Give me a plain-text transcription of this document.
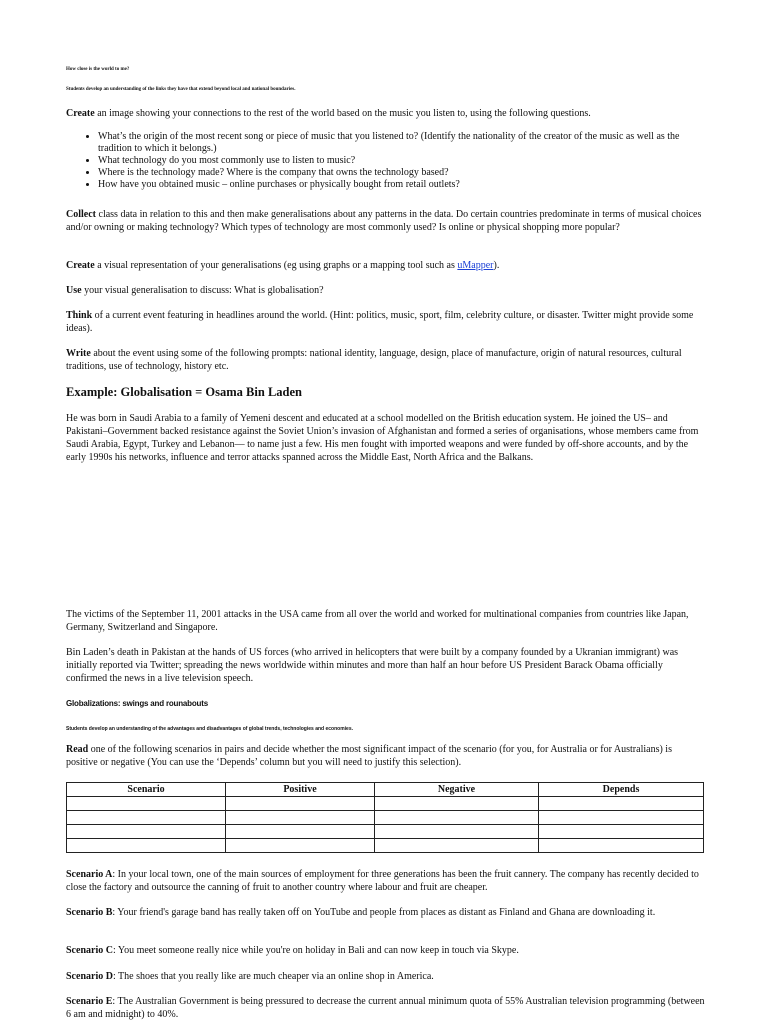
How close is the world to me?
Students develop an understanding of the links they have that extend beyond local and national boundaries.
Create an image showing your connections to the rest of the world based on the music you listen to, using the following questions.
• What’s the origin of the most recent song or piece of music that you listened to? (Identify the nationality of the creator of the music as well as the tradition to which it belongs.)
• What technology do you most commonly use to listen to music?
• Where is the technology made? Where is the company that owns the technology based?
• How have you obtained music – online purchases or physically bought from retail outlets?
Collect class data in relation to this and then make generalisations about any patterns in the data. Do certain countries predominate in terms of musical choices and/or owning or making technology? Which types of technology are most commonly used? Is online or physical shopping more popular?
Create a visual representation of your generalisations (eg using graphs or a mapping tool such as uMapper).
Use your visual generalisation to discuss: What is globalisation?
Think of a current event featuring in headlines around the world. (Hint: politics, music, sport, film, celebrity culture, or disaster. Twitter might provide some ideas).
Write about the event using some of the following prompts: national identity, language, design, place of manufacture, origin of natural resources, cultural traditions, use of technology, history etc.
Example: Globalisation = Osama Bin Laden
He was born in Saudi Arabia to a family of Yemeni descent and educated at a school modelled on the British education system. He joined the US– and Pakistani–Government backed resistance against the Soviet Union’s invasion of Afghanistan and formed a series of organisations, whose members came from Saudi Arabia, Egypt, Turkey and Lebanon— to name just a few. His men fought with imported weapons and were funded by off-shore accounts, and by the early 1990s his networks, influence and terror attacks spanned across the Middle East, North Africa and the Balkans.
The victims of the September 11, 2001 attacks in the USA came from all over the world and worked for multinational companies from countries like Japan, Germany, Switzerland and Singapore.
Bin Laden’s death in Pakistan at the hands of US forces (who arrived in helicopters that were built by a company founded by a Ukranian immigrant) was initially reported via Twitter; spreading the news worldwide within minutes and more than half an hour before US President Barack Obama officially confirmed the news in a live television speech.
Globalizations: swings and rounabouts
Students develop an understanding of the advantages and disadvantages of global trends, technologies and economies.
Read one of the following scenarios in pairs and decide whether the most significant impact of the scenario (for you, for Australia or for Australians) is positive or negative (You can use the ‘Depends’ column but you will need to justify this selection).
Scenario	Positive	Negative	Depends

Scenario A: In your local town, one of the main sources of employment for three generations has been the fruit cannery. The company has recently decided to close the factory and outsource the canning of fruit to another country where labour and fruit are cheaper.
Scenario B: Your friend's garage band has really taken off on YouTube and people from places as distant as Finland and Ghana are downloading it.
Scenario C: You meet someone really nice while you're on holiday in Bali and can now keep in touch via Skype.
Scenario D: The shoes that you really like are much cheaper via an online shop in America.
Scenario E: The Australian Government is being pressured to decrease the current annual minimum quota of 55% Australian television programming (between 6 am and midnight) to 40%.
